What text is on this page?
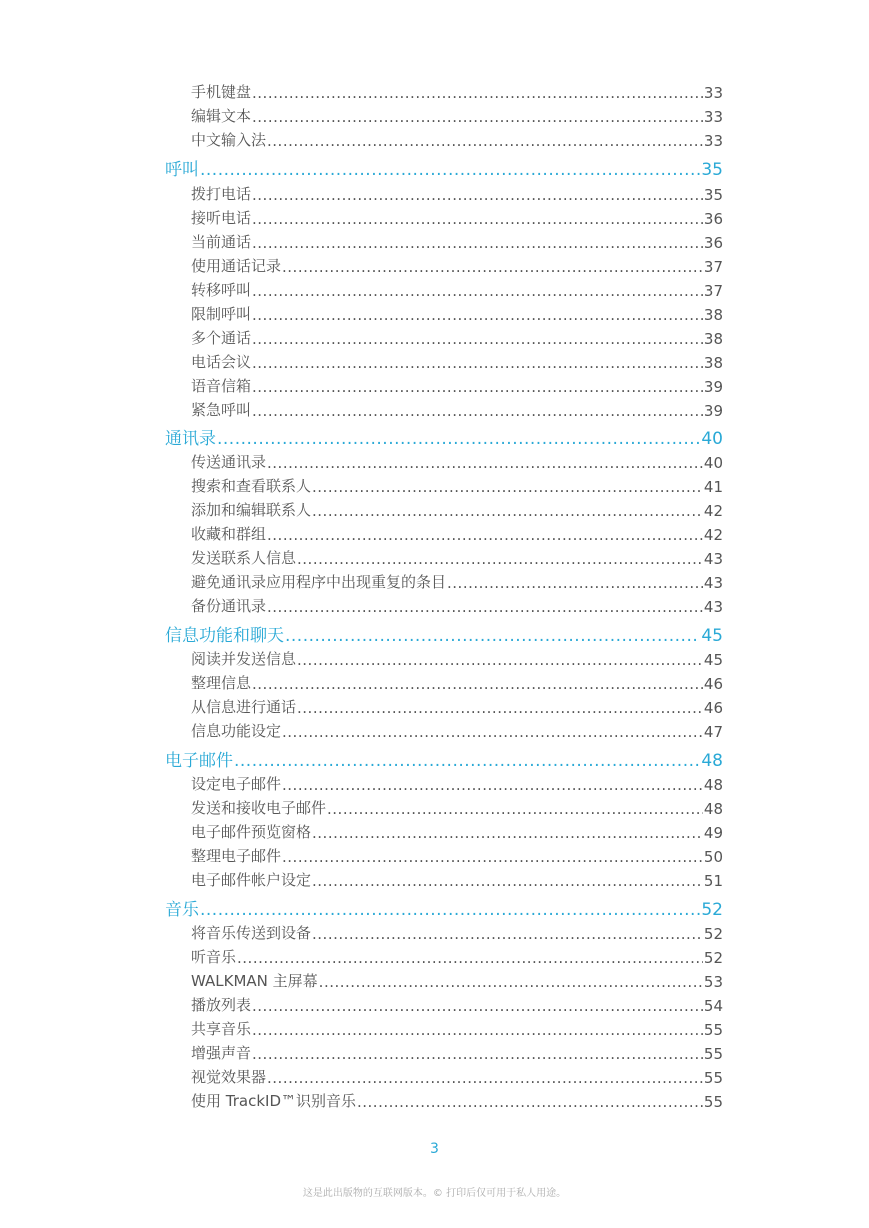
手机键盘 .....	33
编辑文本 .....	33
中文输入法 .....	33
呼叫 .....	35
拨打电话 .....	35
接听电话 .....	36
当前通话 .....	36
使用通话记录 .....	37
转移呼叫 .....	37
限制呼叫 .....	38
多个通话 .....	38
电话会议 .....	38
语音信箱 .....	39
紧急呼叫 .....	39
通讯录 .....	40
传送通讯录 .....	40
搜索和查看联系人 .....	41
添加和编辑联系人 .....	42
收藏和群组 .....	42
发送联系人信息 .....	43
避免通讯录应用程序中出现重复的条目 .....	43
备份通讯录 .....	43
信息功能和聊天 .....	45
阅读并发送信息 .....	45
整理信息 .....	46
从信息进行通话 .....	46
信息功能设定 .....	47
电子邮件 .....	48
设定电子邮件 .....	48
发送和接收电子邮件 .....	48
电子邮件预览窗格 .....	49
整理电子邮件 .....	50
电子邮件帐户设定 .....	51
音乐 .....	52
将音乐传送到设备 .....	52
听音乐 .....	52
WALKMAN 主屏幕 .....	53
播放列表 .....	54
共享音乐 .....	55
增强声音 .....	55
视觉效果器 .....	55
使用 TrackID™识别音乐 .....	55
3
这是此出版物的互联网版本。© 打印后仅可用于私人用途。
